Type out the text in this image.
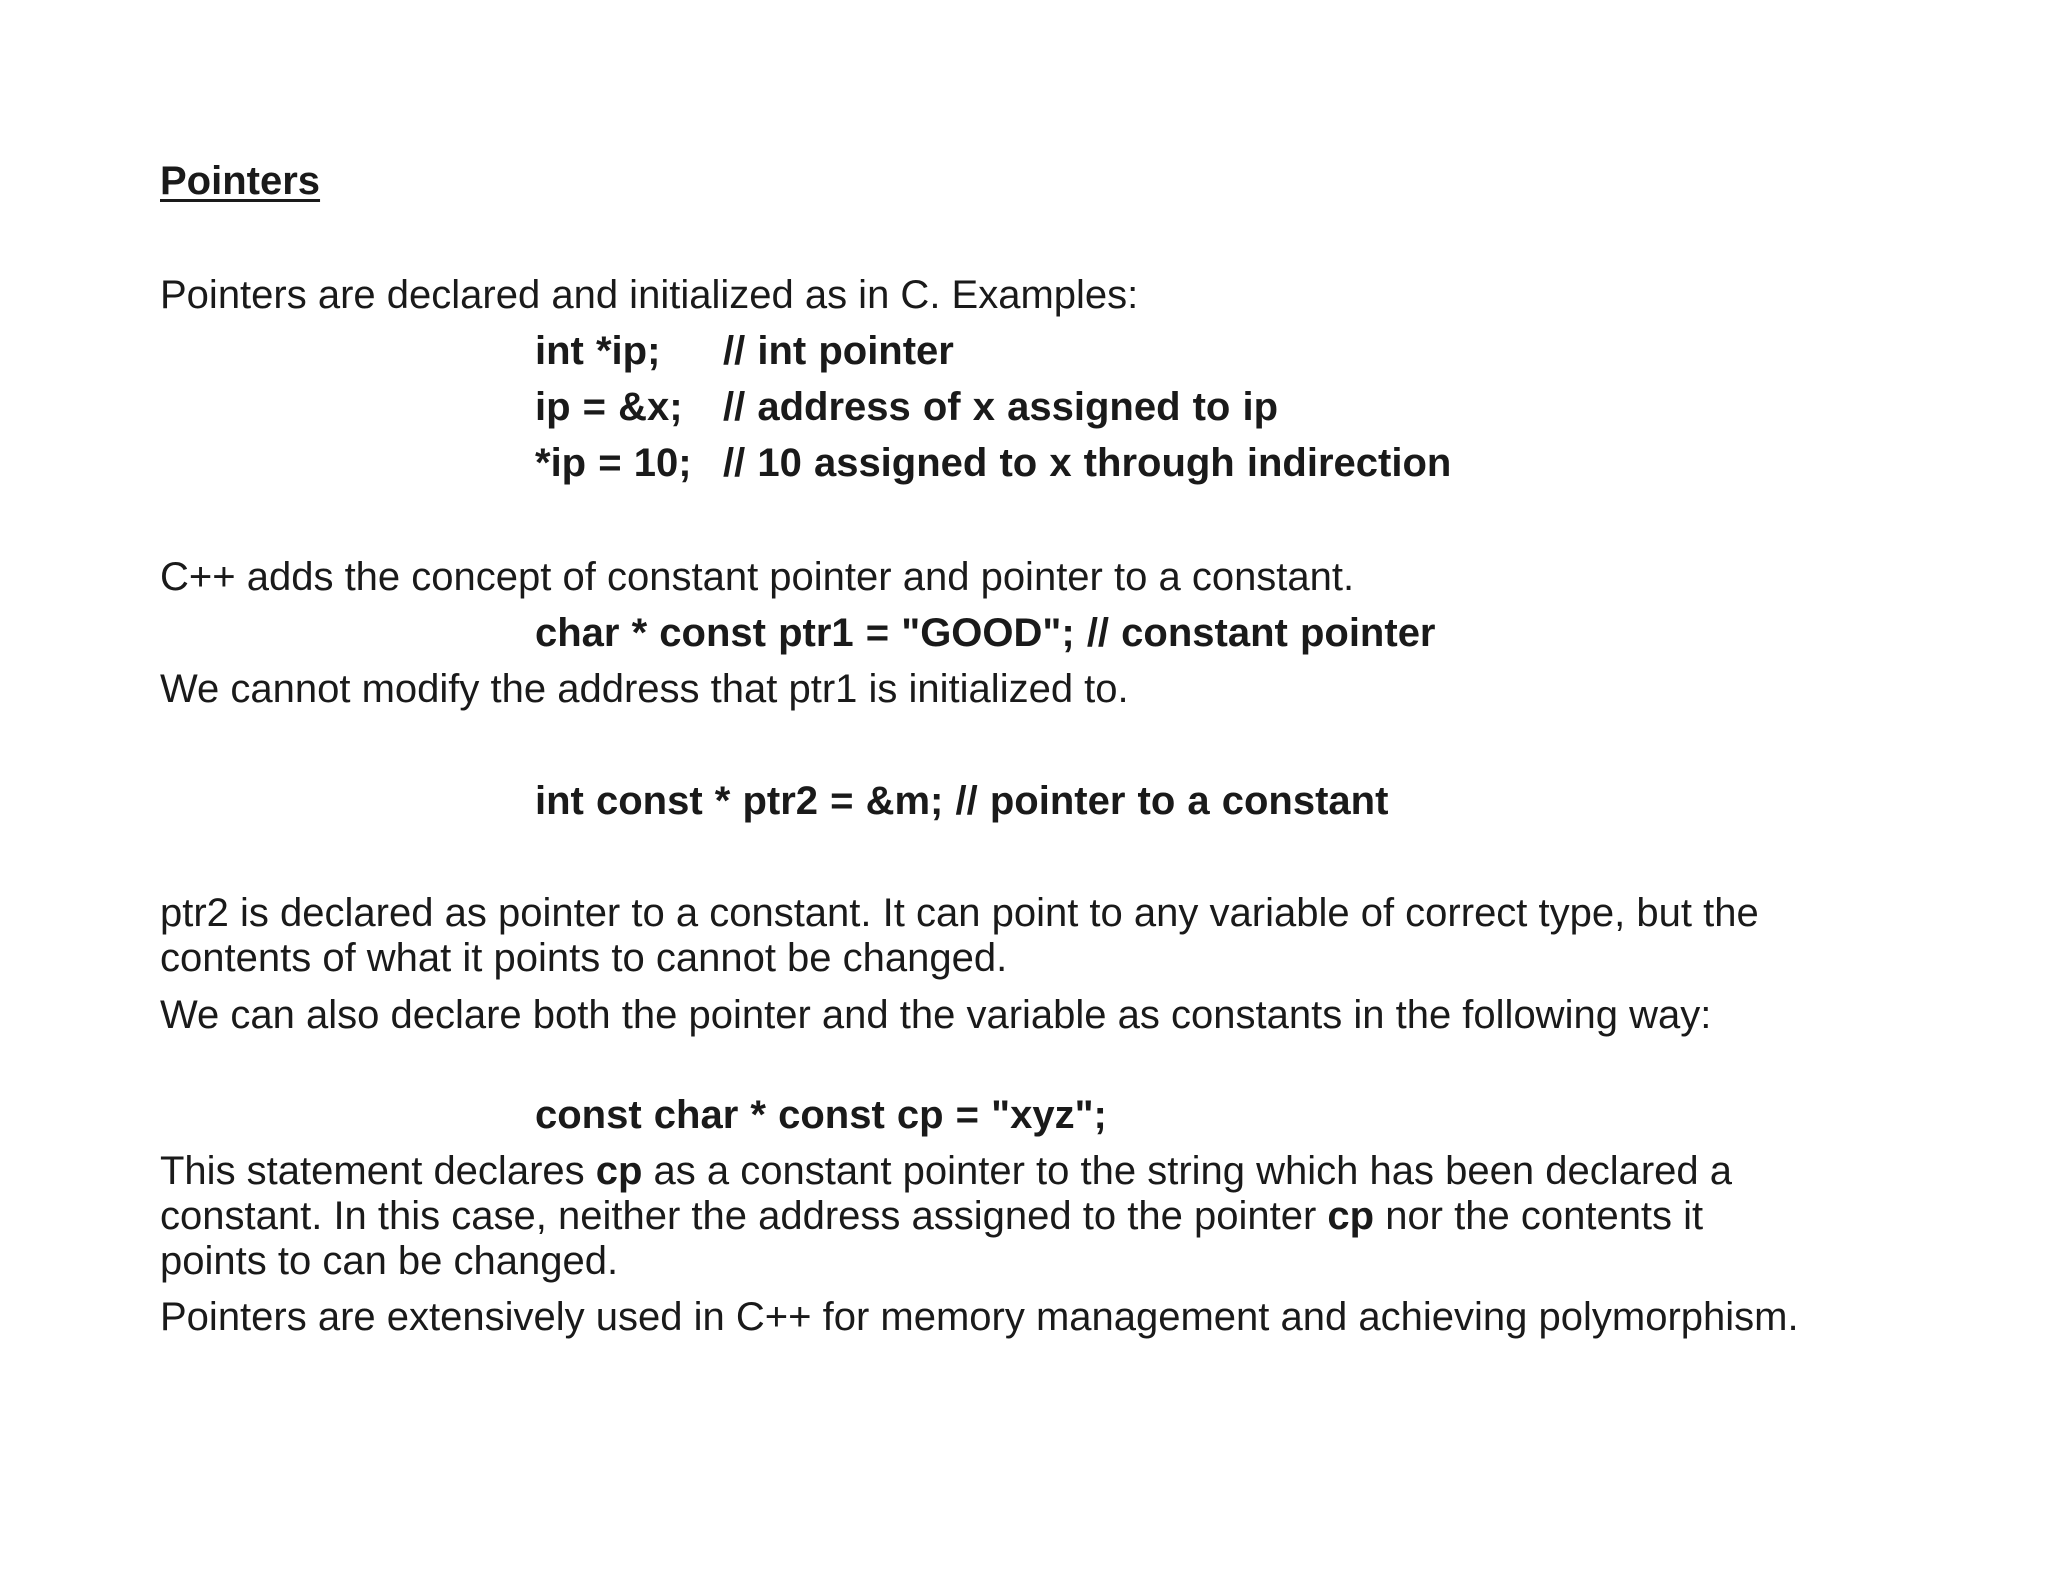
Pointers

Pointers are declared and initialized as in C. Examples:

int *ip; // int pointer

ip = &x; // address of x assigned to ip

*ip = 10; // 10 assigned to x through indirection

C++ adds the concept of constant pointer and pointer to a constant.

char * const ptr1 = "GOOD"; // constant pointer

We cannot modify the address that ptr1 is initialized to.

int const * ptr2 = &m; // pointer to a constant

ptr2 is declared as pointer to a constant. It can point to any variable of correct type, but the

contents of what it points to cannot be changed.

We can also declare both the pointer and the variable as constants in the following way:

const char * const cp = "xyz";

This statement declares cp as a constant pointer to the string which has been declared a

constant. In this case, neither the address assigned to the pointer cp nor the contents it

points to can be changed.

Pointers are extensively used in C++ for memory management and achieving polymorphism.
